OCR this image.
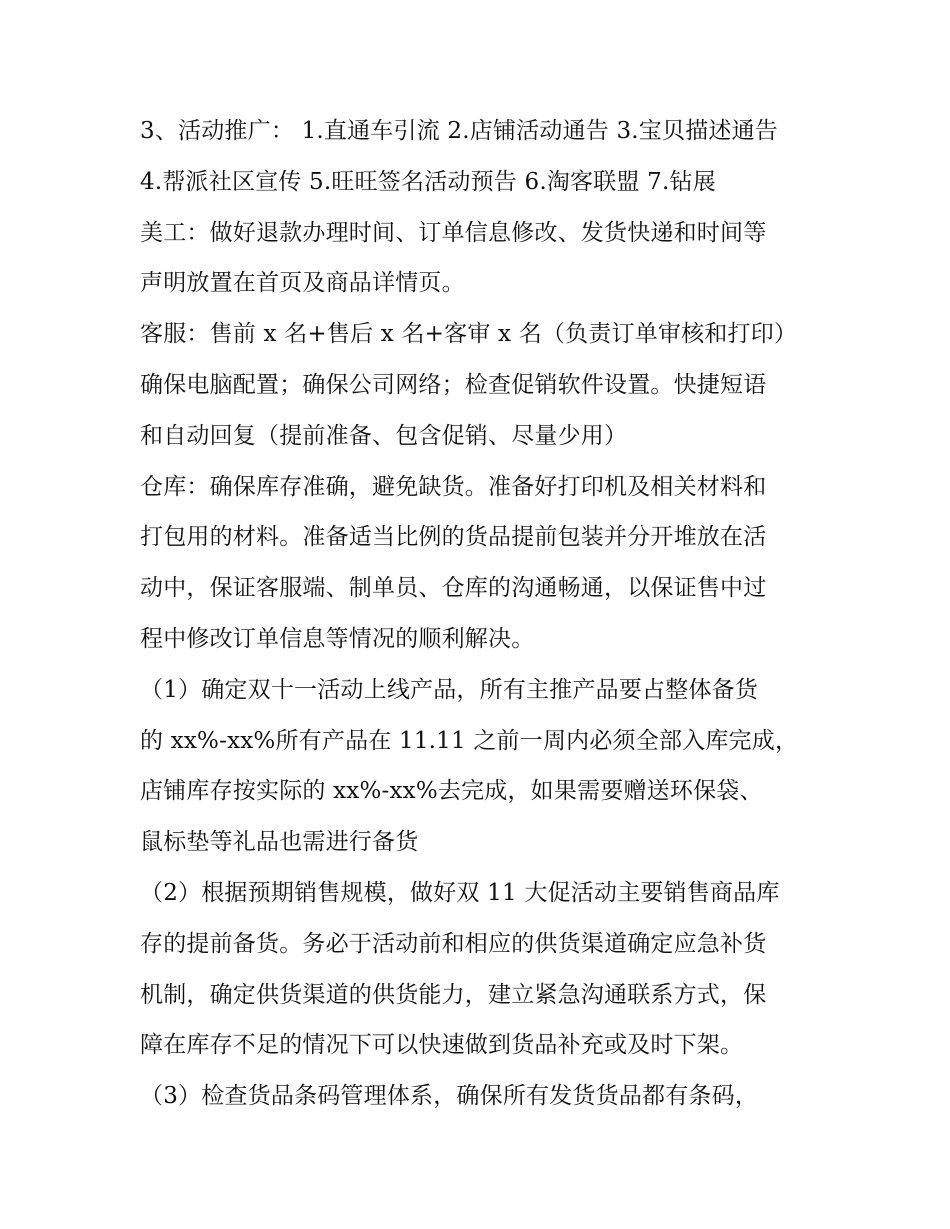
3、活动推广： 1.直通车引流 2.店铺活动通告 3.宝贝描述通告
4.帮派社区宣传 5.旺旺签名活动预告 6.淘客联盟 7.钻展
美工：做好退款办理时间、订单信息修改、发货快递和时间等
声明放置在首页及商品详情页。
客服：售前 x 名+售后 x 名+客审 x 名（负责订单审核和打印）
确保电脑配置；确保公司网络；检查促销软件设置。快捷短语
和自动回复（提前准备、包含促销、尽量少用）
仓库：确保库存准确，避免缺货。准备好打印机及相关材料和
打包用的材料。准备适当比例的货品提前包装并分开堆放在活
动中，保证客服端、制单员、仓库的沟通畅通，以保证售中过
程中修改订单信息等情况的顺利解决。
（1）确定双十一活动上线产品，所有主推产品要占整体备货
的 xx%-xx%所有产品在 11.11 之前一周内必须全部入库完成，
店铺库存按实际的 xx%-xx%去完成，如果需要赠送环保袋、
鼠标垫等礼品也需进行备货
（2）根据预期销售规模，做好双 11 大促活动主要销售商品库
存的提前备货。务必于活动前和相应的供货渠道确定应急补货
机制，确定供货渠道的供货能力，建立紧急沟通联系方式，保
障在库存不足的情况下可以快速做到货品补充或及时下架。
（3）检查货品条码管理体系，确保所有发货货品都有条码，
